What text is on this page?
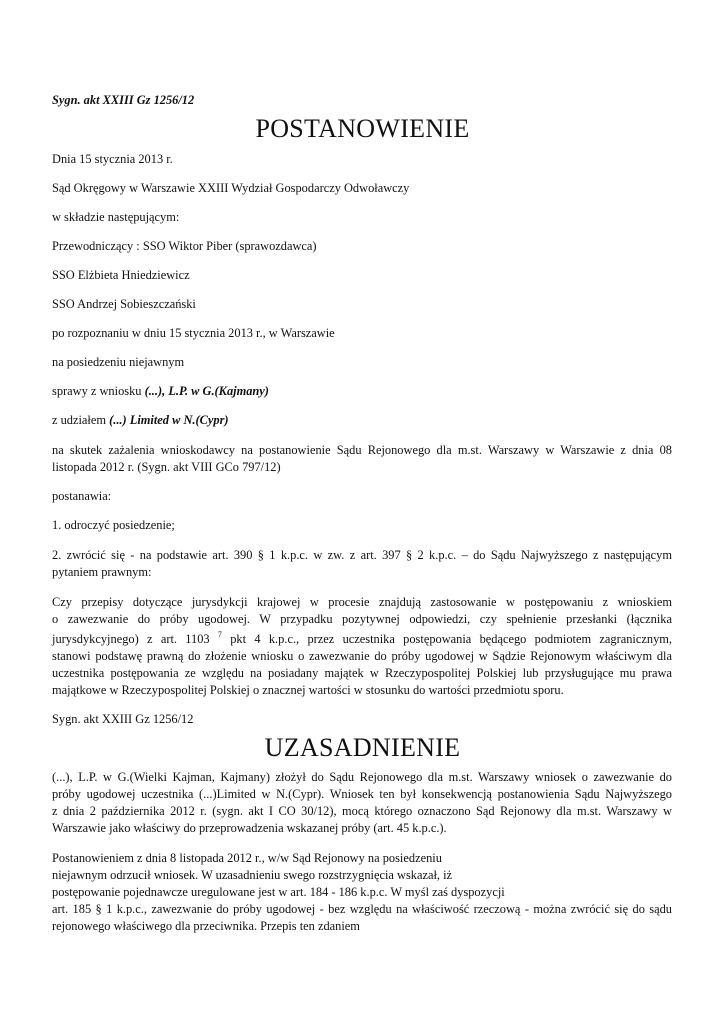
Sygn. akt XXIII Gz 1256/12
POSTANOWIENIE
Dnia 15 stycznia 2013 r.
Sąd Okręgowy w Warszawie XXIII Wydział Gospodarczy Odwoławczy
w składzie następującym:
Przewodniczący : SSO Wiktor Piber (sprawozdawca)
SSO Elżbieta Hniedziewicz
SSO Andrzej Sobieszczański
po rozpoznaniu w dniu 15 stycznia 2013 r., w Warszawie
na posiedzeniu niejawnym
sprawy z wniosku (...), L.P. w G.(Kajmany)
z udziałem (...) Limited w N.(Cypr)
na skutek zażalenia wnioskodawcy na postanowienie Sądu Rejonowego dla m.st. Warszawy w Warszawie z dnia 08
listopada 2012 r. (Sygn. akt VIII GCo 797/12)
postanawia:
1. odroczyć posiedzenie;
2. zwrócić się - na podstawie art. 390 § 1 k.p.c. w zw. z art. 397 § 2 k.p.c. – do Sądu Najwyższego z następującym
pytaniem prawnym:
Czy przepisy dotyczące jurysdykcji krajowej w procesie znajdują zastosowanie w postępowaniu z wnioskiem
o zawezwanie do próby ugodowej. W przypadku pozytywnej odpowiedzi, czy spełnienie przesłanki (łącznika
jurysdykcyjnego) z art. 1103 $^7$ pkt 4 k.p.c., przez uczestnika postępowania będącego podmiotem zagranicznym,
stanowi podstawę prawną do złożenie wniosku o zawezwanie do próby ugodowej w Sądzie Rejonowym właściwym dla
uczestnika postępowania ze względu na posiadany majątek w Rzeczypospolitej Polskiej lub przysługujące mu prawa
majątkowe w Rzeczypospolitej Polskiej o znacznej wartości w stosunku do wartości przedmiotu sporu.
Sygn. akt XXIII Gz 1256/12
UZASADNIENIE
(...), L.P. w G.(Wielki Kajman, Kajmany) złożył do Sądu Rejonowego dla m.st. Warszawy wniosek o zawezwanie do
próby ugodowej uczestnika (...)Limited w N.(Cypr). Wniosek ten był konsekwencją postanowienia Sądu Najwyższego
z dnia 2 października 2012 r. (sygn. akt I CO 30/12), mocą którego oznaczono Sąd Rejonowy dla m.st. Warszawy w
Warszawie jako właściwy do przeprowadzenia wskazanej próby (art. 45 k.p.c.).
Postanowieniem z dnia 8 listopada 2012 r., w/w Sąd Rejonowy na posiedzeniu
niejawnym odrzucił wniosek. W uzasadnieniu swego rozstrzygnięcia wskazał, iż
postępowanie pojednawcze uregulowane jest w art. 184 - 186 k.p.c. W myśl zaś dyspozycji
art. 185 § 1 k.p.c., zawezwanie do próby ugodowej - bez względu na właściwość rzeczową - można zwrócić się do sądu
rejonowego właściwego dla przeciwnika. Przepis ten zdaniem
